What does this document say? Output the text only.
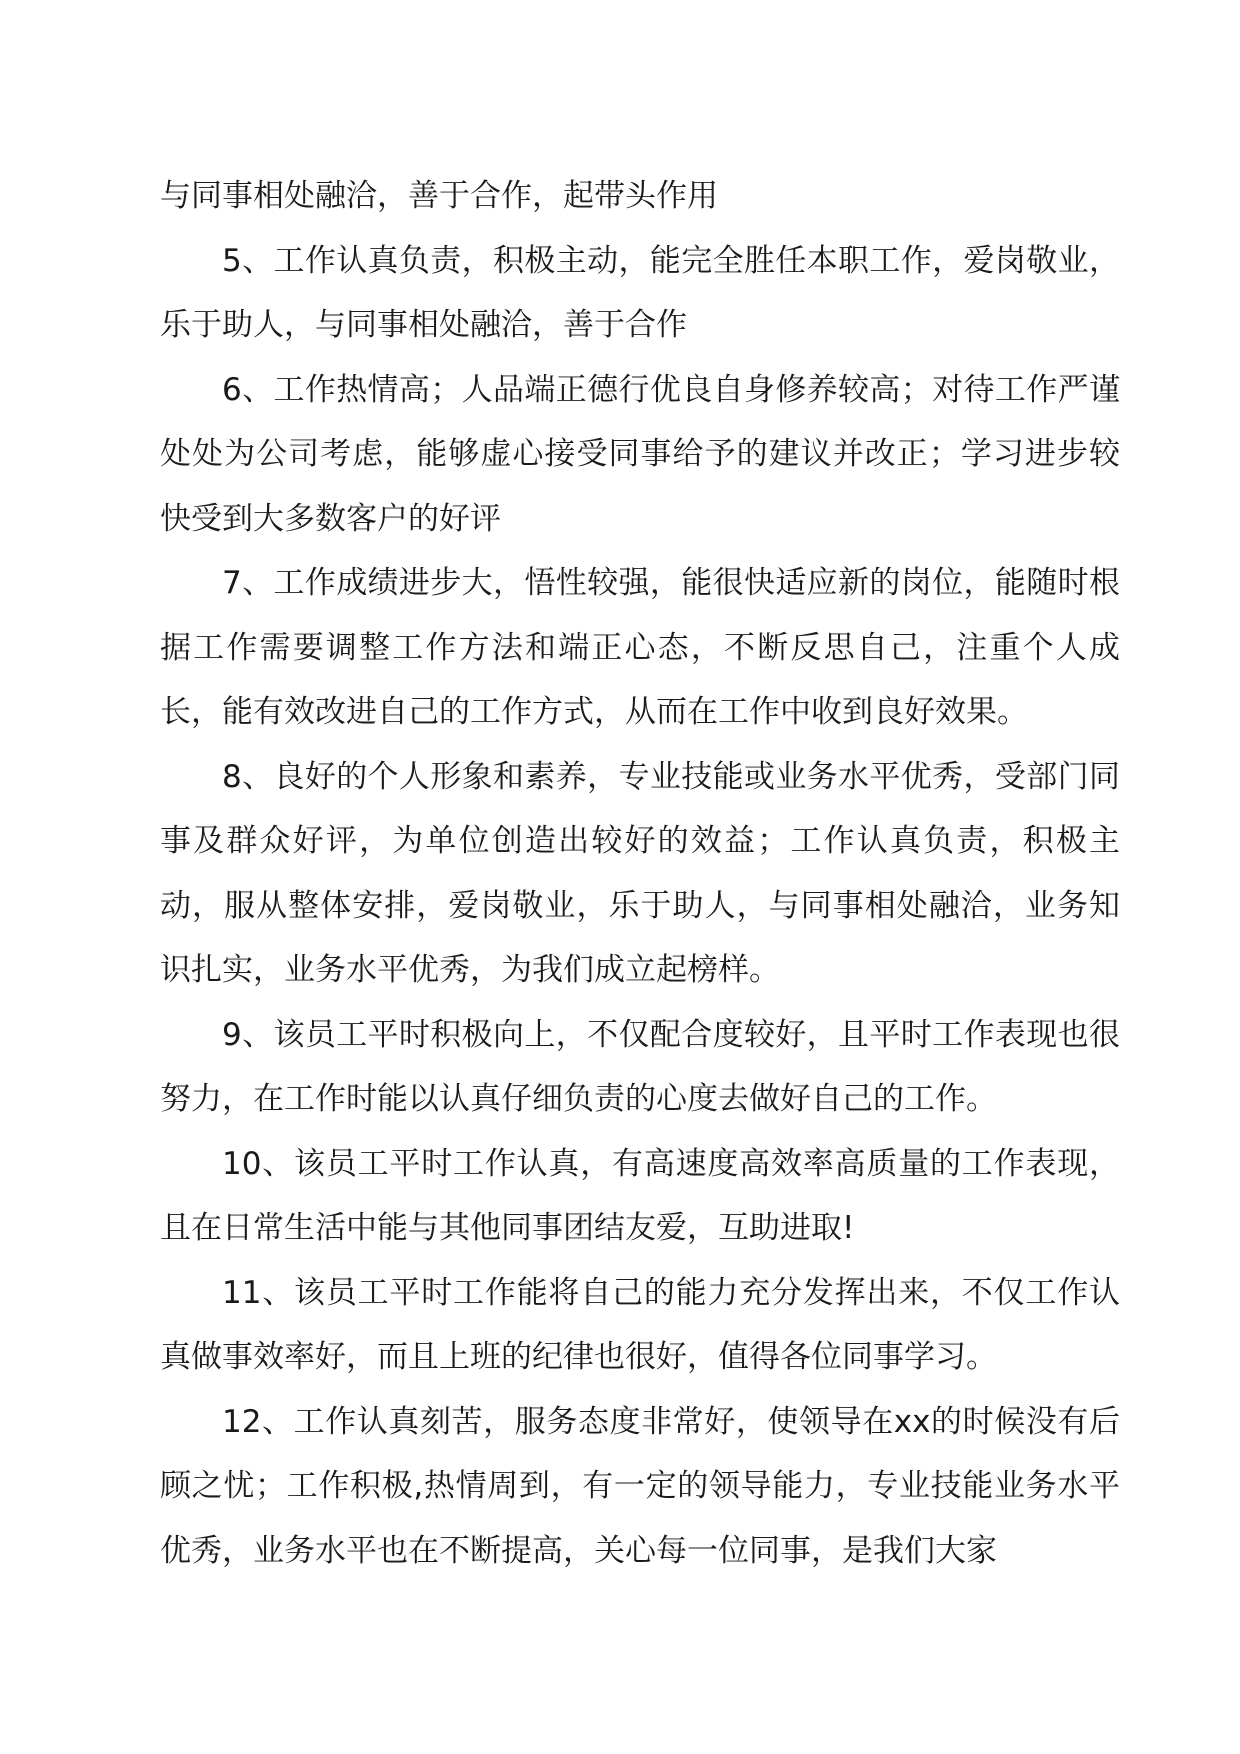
与同事相处融洽，善于合作，起带头作用

5、工作认真负责，积极主动，能完全胜任本职工作，爱岗敬业，乐于助人，与同事相处融洽，善于合作

6、工作热情高；人品端正德行优良自身修养较高；对待工作严谨处处为公司考虑，能够虚心接受同事给予的建议并改正；学习进步较快受到大多数客户的好评

7、工作成绩进步大，悟性较强，能很快适应新的岗位，能随时根据工作需要调整工作方法和端正心态，不断反思自己，注重个人成长，能有效改进自己的工作方式，从而在工作中收到良好效果。

8、良好的个人形象和素养，专业技能或业务水平优秀，受部门同事及群众好评，为单位创造出较好的效益；工作认真负责，积极主动，服从整体安排，爱岗敬业，乐于助人，与同事相处融洽，业务知识扎实，业务水平优秀，为我们成立起榜样。

9、该员工平时积极向上，不仅配合度较好，且平时工作表现也很努力，在工作时能以认真仔细负责的心度去做好自己的工作。

10、该员工平时工作认真，有高速度高效率高质量的工作表现，且在日常生活中能与其他同事团结友爱，互助进取!

11、该员工平时工作能将自己的能力充分发挥出来，不仅工作认真做事效率好，而且上班的纪律也很好，值得各位同事学习。

12、工作认真刻苦，服务态度非常好，使领导在xx的时候没有后顾之忧；工作积极,热情周到，有一定的领导能力，专业技能业务水平优秀，业务水平也在不断提高，关心每一位同事，是我们大家
